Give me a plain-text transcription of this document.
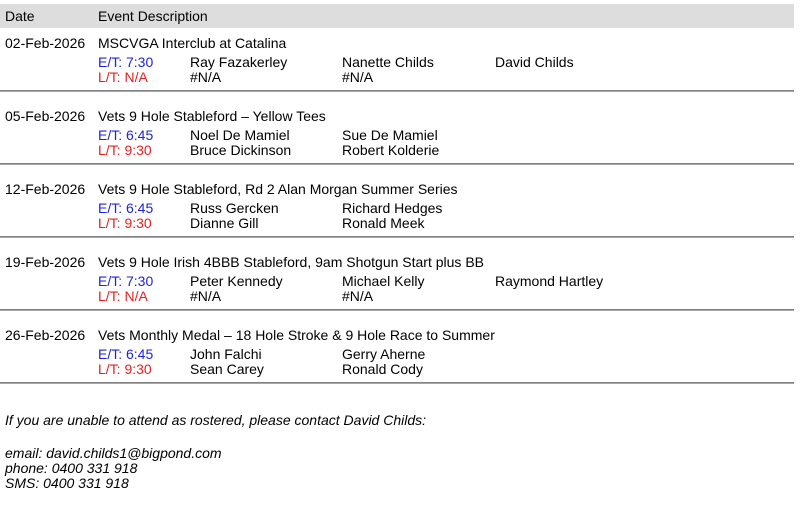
Date	Event Description
02-Feb-2026 MSCVGA Interclub at Catalina
E/T: 7:30	Ray Fazakerley	Nanette Childs	David Childs
L/T: N/A	#N/A	#N/A
05-Feb-2026 Vets 9 Hole Stableford – Yellow Tees
E/T: 6:45	Noel De Mamiel	Sue De Mamiel
L/T: 9:30	Bruce Dickinson	Robert Kolderie
12-Feb-2026 Vets 9 Hole Stableford, Rd 2 Alan Morgan Summer Series
E/T: 6:45	Russ Gercken	Richard Hedges
L/T: 9:30	Dianne Gill	Ronald Meek
19-Feb-2026 Vets 9 Hole Irish 4BBB Stableford, 9am Shotgun Start plus BB
E/T: 7:30	Peter Kennedy	Michael Kelly	Raymond Hartley
L/T: N/A	#N/A	#N/A
26-Feb-2026 Vets Monthly Medal – 18 Hole Stroke & 9 Hole Race to Summer
E/T: 6:45	John Falchi	Gerry Aherne
L/T: 9:30	Sean Carey	Ronald Cody
If you are unable to attend as rostered, please contact David Childs:
email: david.childs1@bigpond.com
phone: 0400 331 918
SMS: 0400 331 918
